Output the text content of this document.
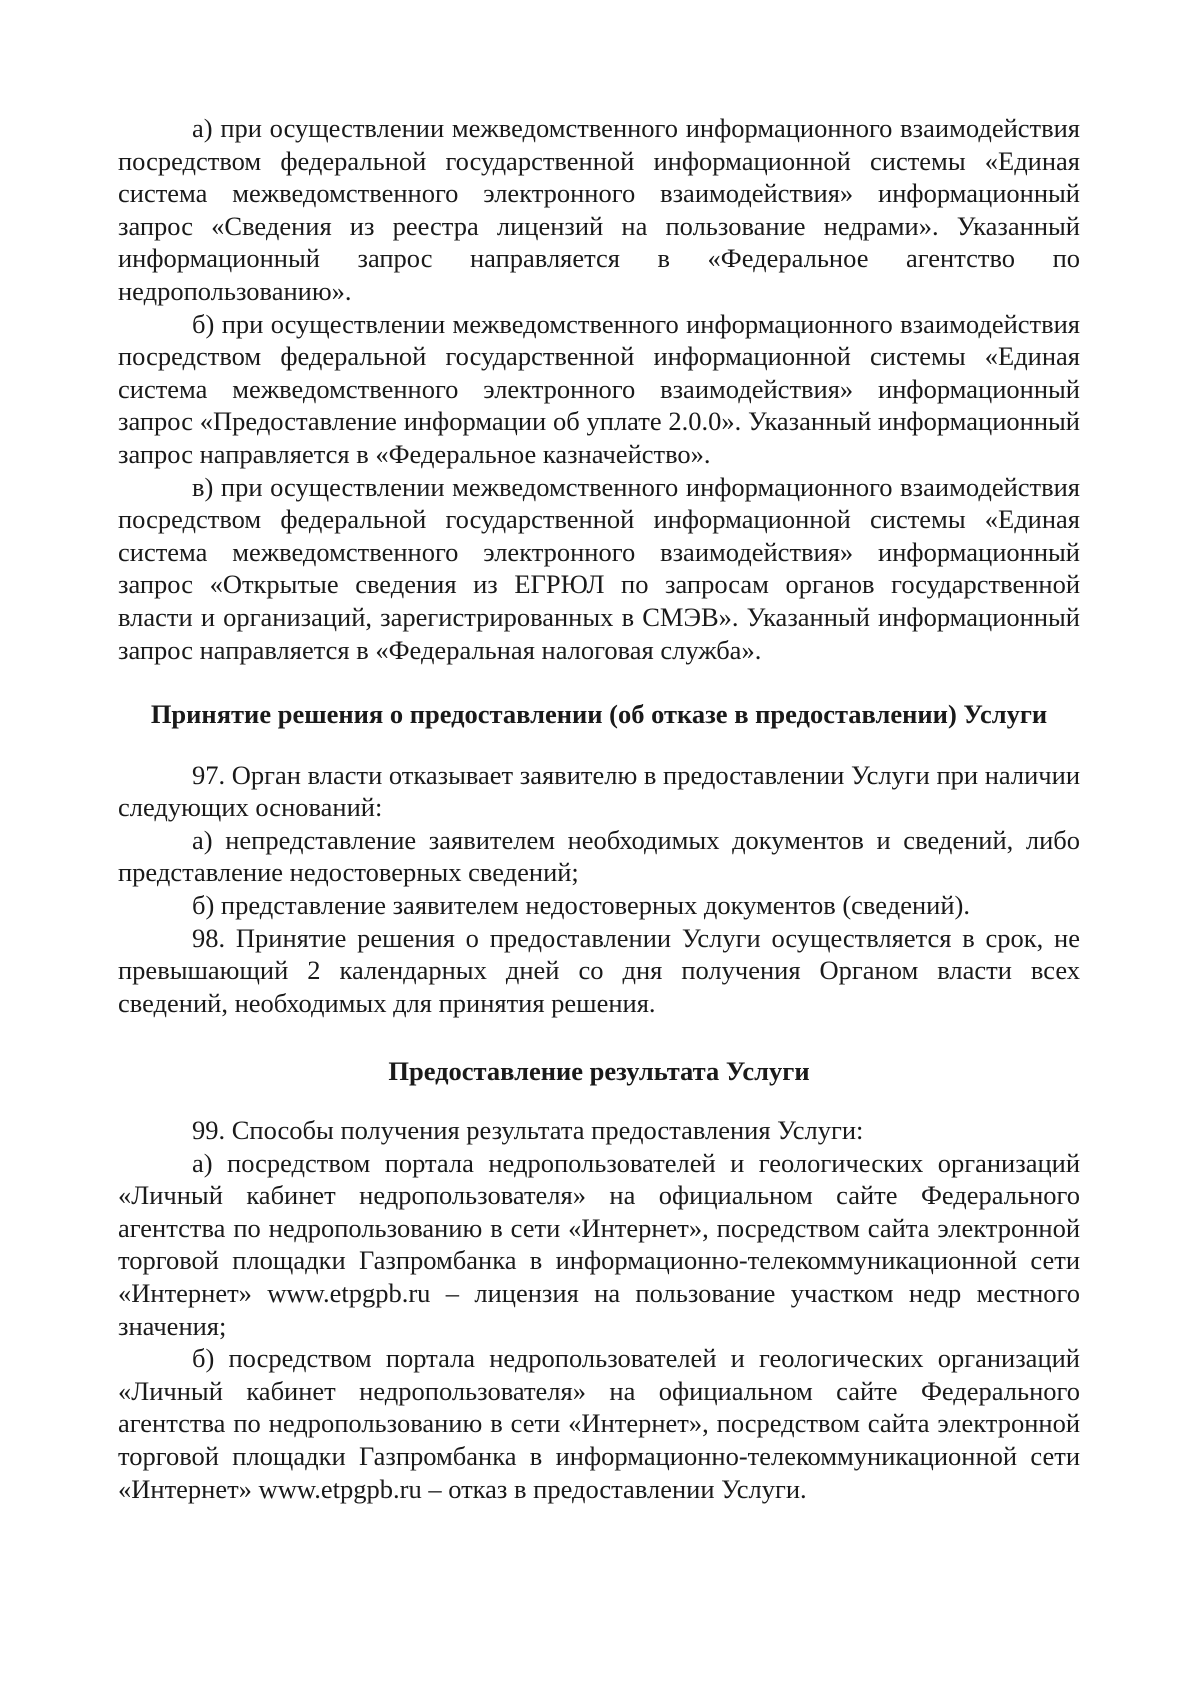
а) при осуществлении межведомственного информационного взаимодействия посредством федеральной государственной информационной системы «Единая система межведомственного электронного взаимодействия» информационный запрос «Сведения из реестра лицензий на пользование недрами». Указанный информационный запрос направляется в «Федеральное агентство по недропользованию».

б) при осуществлении межведомственного информационного взаимодействия посредством федеральной государственной информационной системы «Единая система межведомственного электронного взаимодействия» информационный запрос «Предоставление информации об уплате 2.0.0». Указанный информационный запрос направляется в «Федеральное казначейство».

в) при осуществлении межведомственного информационного взаимодействия посредством федеральной государственной информационной системы «Единая система межведомственного электронного взаимодействия» информационный запрос «Открытые сведения из ЕГРЮЛ по запросам органов государственной власти и организаций, зарегистрированных в СМЭВ». Указанный информационный запрос направляется в «Федеральная налоговая служба».

Принятие решения о предоставлении (об отказе в предоставлении) Услуги

97. Орган власти отказывает заявителю в предоставлении Услуги при наличии следующих оснований:

а) непредставление заявителем необходимых документов и сведений, либо представление недостоверных сведений;

б) представление заявителем недостоверных документов (сведений).

98. Принятие решения о предоставлении Услуги осуществляется в срок, не превышающий 2 календарных дней со дня получения Органом власти всех сведений, необходимых для принятия решения.

Предоставление результата Услуги

99. Способы получения результата предоставления Услуги:

а) посредством портала недропользователей и геологических организаций «Личный кабинет недропользователя» на официальном сайте Федерального агентства по недропользованию в сети «Интернет», посредством сайта электронной торговой площадки Газпромбанка в информационно-телекоммуникационной сети «Интернет» www.etpgpb.ru – лицензия на пользование участком недр местного значения;

б) посредством портала недропользователей и геологических организаций «Личный кабинет недропользователя» на официальном сайте Федерального агентства по недропользованию в сети «Интернет», посредством сайта электронной торговой площадки Газпромбанка в информационно-телекоммуникационной сети «Интернет» www.etpgpb.ru – отказ в предоставлении Услуги.
